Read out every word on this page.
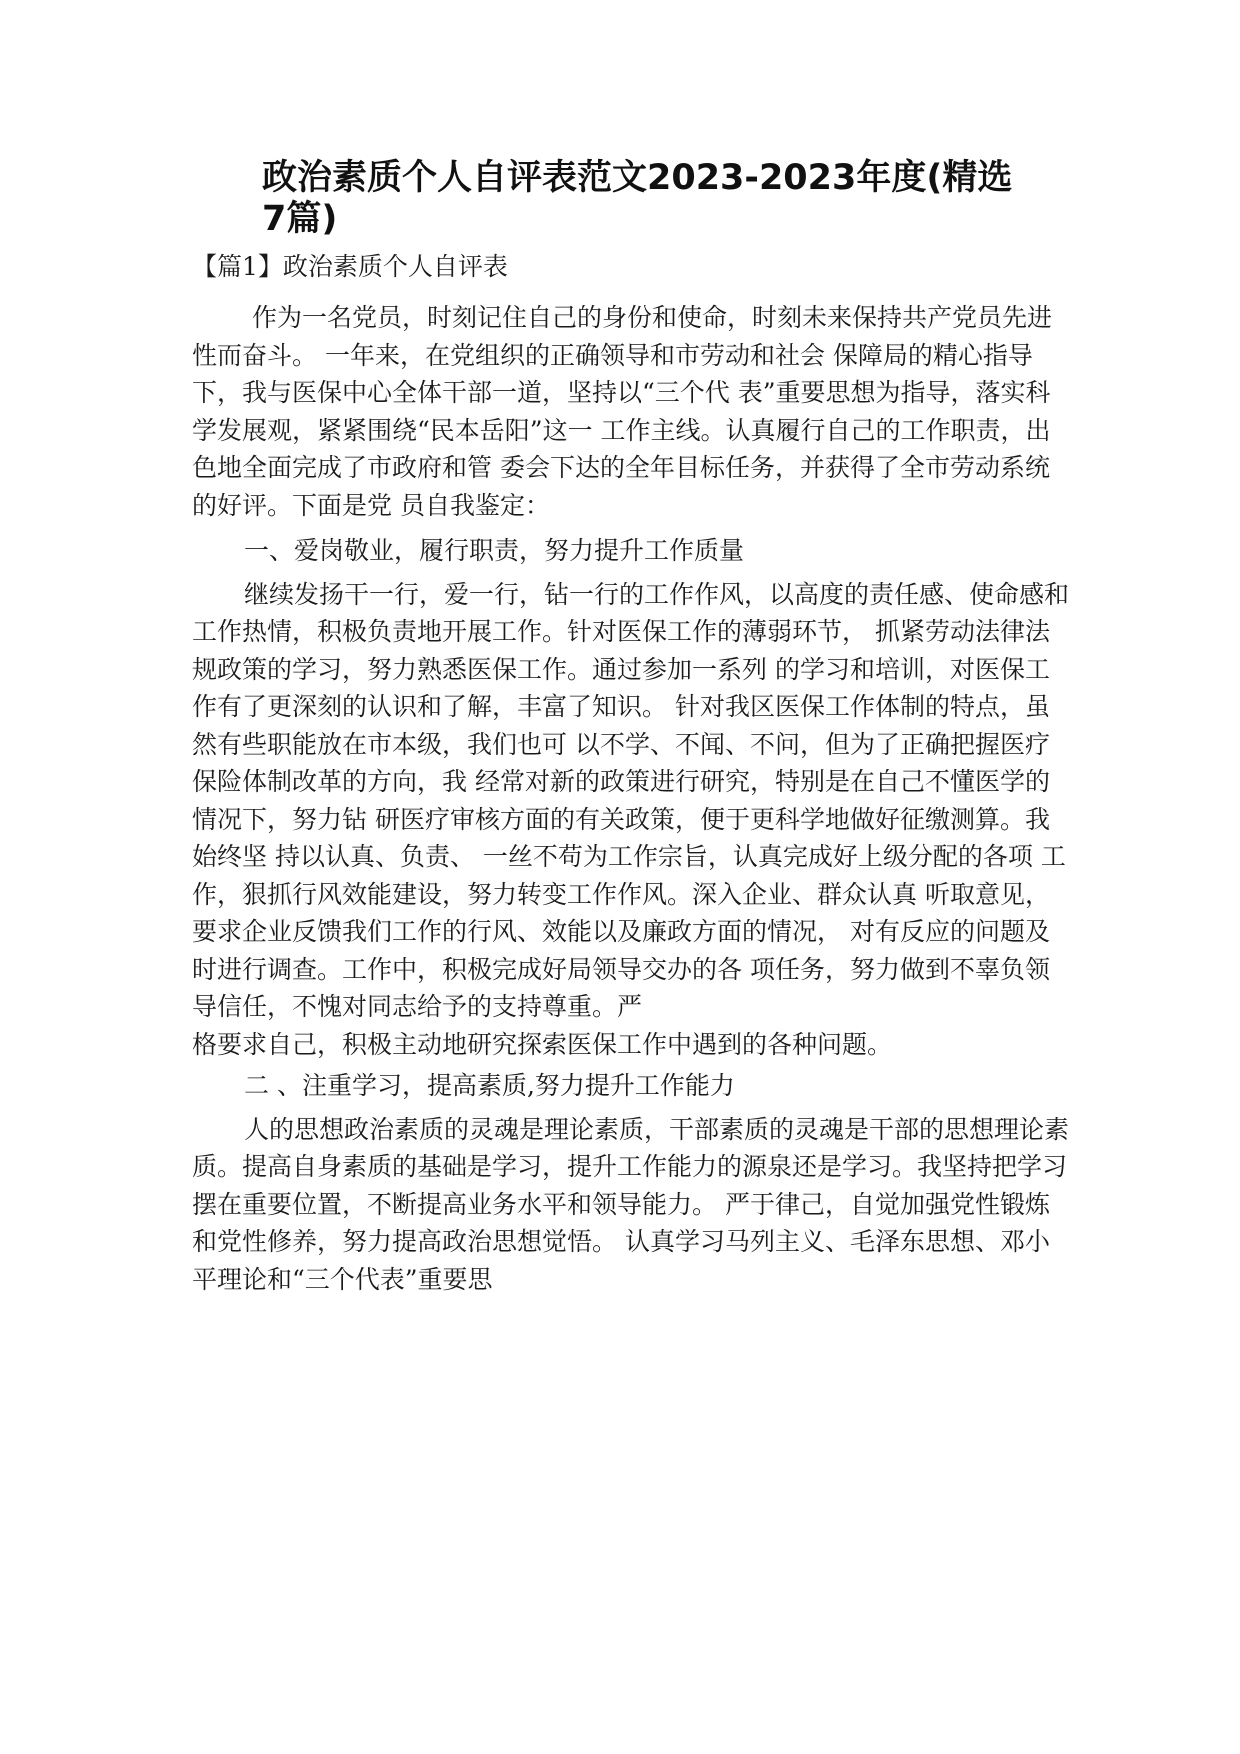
政治素质个人自评表范文2023-2023年度(精选7篇)

【篇1】政治素质个人自评表

作为一名党员，时刻记住自己的身份和使命，时刻未来保持共产党员先进性而奋斗。 一年来，在党组织的正确领导和市劳动和社会 保障局的精心指导下，我与医保中心全体干部一道，坚持以“三个代 表”重要思想为指导，落实科学发展观，紧紧围绕“民本岳阳”这一 工作主线。认真履行自己的工作职责，出色地全面完成了市政府和管 委会下达的全年目标任务，并获得了全市劳动系统的好评。下面是党 员自我鉴定：

一、爱岗敬业，履行职责，努力提升工作质量

继续发扬干一行，爱一行，钻一行的工作作风，以高度的责任感、使命感和工作热情，积极负责地开展工作。针对医保工作的薄弱环节， 抓紧劳动法律法规政策的学习，努力熟悉医保工作。通过参加一系列 的学习和培训，对医保工作有了更深刻的认识和了解，丰富了知识。 针对我区医保工作体制的特点，虽然有些职能放在市本级，我们也可 以不学、不闻、不问，但为了正确把握医疗保险体制改革的方向，我 经常对新的政策进行研究，特别是在自己不懂医学的情况下，努力钻 研医疗审核方面的有关政策，便于更科学地做好征缴测算。我始终坚 持以认真、负责、 一丝不苟为工作宗旨，认真完成好上级分配的各项 工作，狠抓行风效能建设，努力转变工作作风。深入企业、群众认真 听取意见，要求企业反馈我们工作的行风、效能以及廉政方面的情况， 对有反应的问题及时进行调查。工作中，积极完成好局领导交办的各 项任务，努力做到不辜负领导信任，不愧对同志给予的支持尊重。严

格要求自己，积极主动地研究探索医保工作中遇到的各种问题。

二 、注重学习，提高素质,努力提升工作能力

人的思想政治素质的灵魂是理论素质，干部素质的灵魂是干部的思想理论素质。提高自身素质的基础是学习，提升工作能力的源泉还是学习。我坚持把学习摆在重要位置，不断提高业务水平和领导能力。 严于律己，自觉加强党性锻炼和党性修养，努力提高政治思想觉悟。 认真学习马列主义、毛泽东思想、邓小平理论和“三个代表”重要思
